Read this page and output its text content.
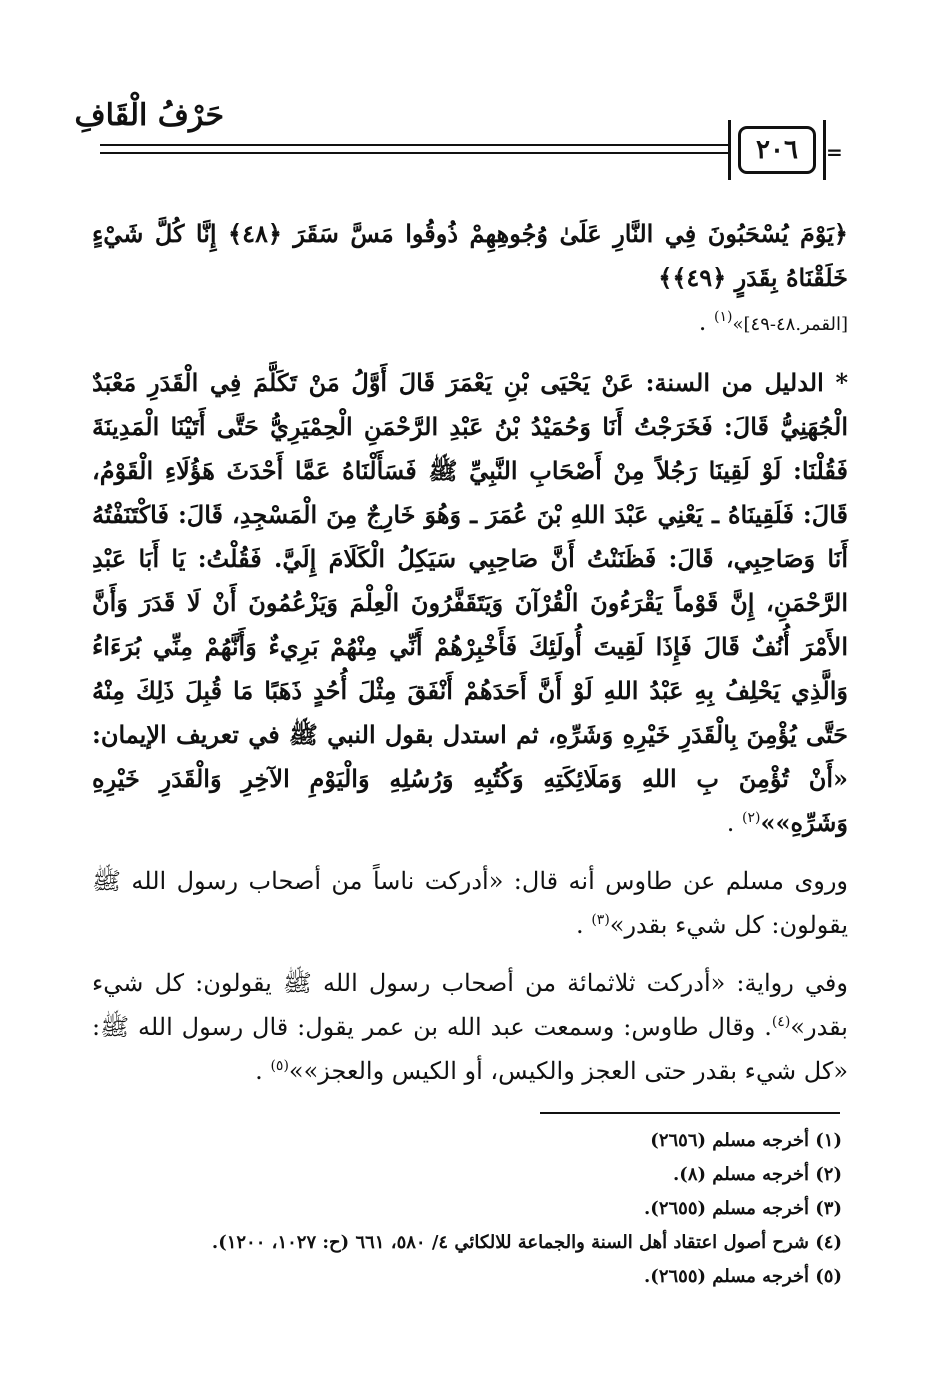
حَرْفُ الْقَافِ
٢٠٦	=

﴿يَوْمَ يُسْحَبُونَ فِي النَّارِ عَلَىٰ وُجُوهِهِمْ ذُوقُوا مَسَّ سَقَرَ ﴿٤٨﴾ إِنَّا كُلَّ شَيْءٍ خَلَقْنَاهُ بِقَدَرٍ ﴿٤٩﴾﴾
[القمر.٤٨-٤٩]»$^{(١)}$ .

* الدليل من السنة: عَنْ يَحْيَى بْنِ يَعْمَرَ قَالَ أَوَّلُ مَنْ تَكَلَّمَ فِي الْقَدَرِ مَعْبَدٌ الْجُهَنِيُّ قَالَ: فَخَرَجْتُ أَنَا وَحُمَيْدُ بْنُ عَبْدِ الرَّحْمَنِ الْحِمْيَرِيُّ حَتَّى أَتَيْنَا الْمَدِينَةَ فَقُلْنَا: لَوْ لَقِينَا رَجُلاً مِنْ أَصْحَابِ النَّبِيِّ ﷺ فَسَأَلْنَاهُ عَمَّا أَحْدَثَ هَؤُلَاءِ الْقَوْمُ، قَالَ: فَلَقِينَاهُ ـ يَعْنِي عَبْدَ اللهِ بْنَ عُمَرَ ـ وَهُوَ خَارِجٌ مِنَ الْمَسْجِدِ، قَالَ: فَاكْتَنَفْتُهُ أَنَا وَصَاحِبِي، قَالَ: فَظَنَنْتُ أَنَّ صَاحِبِي سَيَكِلُ الْكَلَامَ إِلَيَّ. فَقُلْتُ: يَا أَبَا عَبْدِ الرَّحْمَنِ، إِنَّ قَوْماً يَقْرَءُونَ الْقُرْآنَ وَيَتَقَفَّرُونَ الْعِلْمَ وَيَزْعُمُونَ أَنْ لَا قَدَرَ وَأَنَّ الأَمْرَ أُنُفٌ قَالَ فَإِذَا لَقِيتَ أُولَئِكَ فَأَخْبِرْهُمْ أَنِّي مِنْهُمْ بَرِيءٌ وَأَنَّهُمْ مِنِّي بُرَءَاءُ وَالَّذِي يَحْلِفُ بِهِ عَبْدُ اللهِ لَوْ أَنَّ أَحَدَهُمْ أَنْفَقَ مِثْلَ أُحُدٍ ذَهَبًا مَا قُبِلَ ذَلِكَ مِنْهُ حَتَّى يُؤْمِنَ بِالْقَدَرِ خَيْرِهِ وَشَرِّهِ، ثم استدل بقول النبي ﷺ في تعريف الإيمان: «أَنْ تُؤْمِنَ بِ اللهِ وَمَلَائِكَتِهِ وَكُتُبِهِ وَرُسُلِهِ وَالْيَوْمِ الآخِرِ وَالْقَدَرِ خَيْرِهِ وَشَرِّهِ»»$^{(٢)}$ .

وروى مسلم عن طاوس أنه قال: «أدركت ناساً من أصحاب رسول الله ﷺ يقولون: كل شيء بقدر»$^{(٣)}$ .

وفي رواية: «أدركت ثلاثمائة من أصحاب رسول الله ﷺ يقولون: كل شيء بقدر»$^{(٤)}$. وقال طاوس: وسمعت عبد الله بن عمر يقول: قال رسول الله ﷺ: «كل شيء بقدر حتى العجز والكيس، أو الكيس والعجز»»$^{(٥)}$ .

(١) أخرجه مسلم (٢٦٥٦)
(٢) أخرجه مسلم (٨).
(٣) أخرجه مسلم (٢٦٥٥).
(٤) شرح أصول اعتقاد أهل السنة والجماعة للالكائي ٤/ ٥٨٠، ٦٦١ (ح: ١٠٢٧، ١٢٠٠).
(٥) أخرجه مسلم (٢٦٥٥).
